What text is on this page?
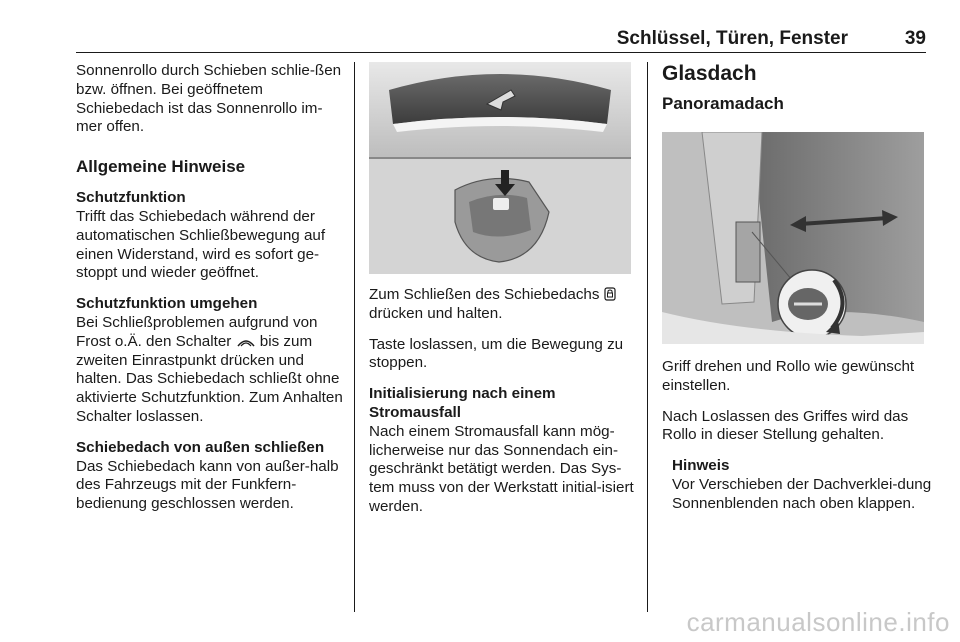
Schlüssel, Türen, Fenster	39

Sonnenrollo durch Schieben schlie-ßen bzw. öffnen. Bei geöffnetem Schiebedach ist das Sonnenrollo im-mer offen.

Allgemeine Hinweise

Schutzfunktion
Trifft das Schiebedach während der automatischen Schließbewegung auf einen Widerstand, wird es sofort ge-stoppt und wieder geöffnet.

Schutzfunktion umgehen
Bei Schließproblemen aufgrund von Frost o.Ä. den Schalter bis zum zweiten Einrastpunkt drücken und halten. Das Schiebedach schließt ohne aktivierte Schutzfunktion. Zum Anhalten Schalter loslassen.

Schiebedach von außen schließen
Das Schiebedach kann von außer-halb des Fahrzeugs mit der Funkfern-bedienung geschlossen werden.

Zum Schließen des Schiebedachs  drücken und halten.

Taste loslassen, um die Bewegung zu stoppen.

Initialisierung nach einem Stromausfall
Nach einem Stromausfall kann mög-licherweise nur das Sonnendach ein-geschränkt betätigt werden. Das Sys-tem muss von der Werkstatt initial-isiert werden.

Glasdach
Panoramadach

Griff drehen und Rollo wie gewünscht einstellen.

Nach Loslassen des Griffes wird das Rollo in dieser Stellung gehalten.

Hinweis
Vor Verschieben der Dachverklei-dung Sonnenblenden nach oben klappen.
carmanualsonline.info
